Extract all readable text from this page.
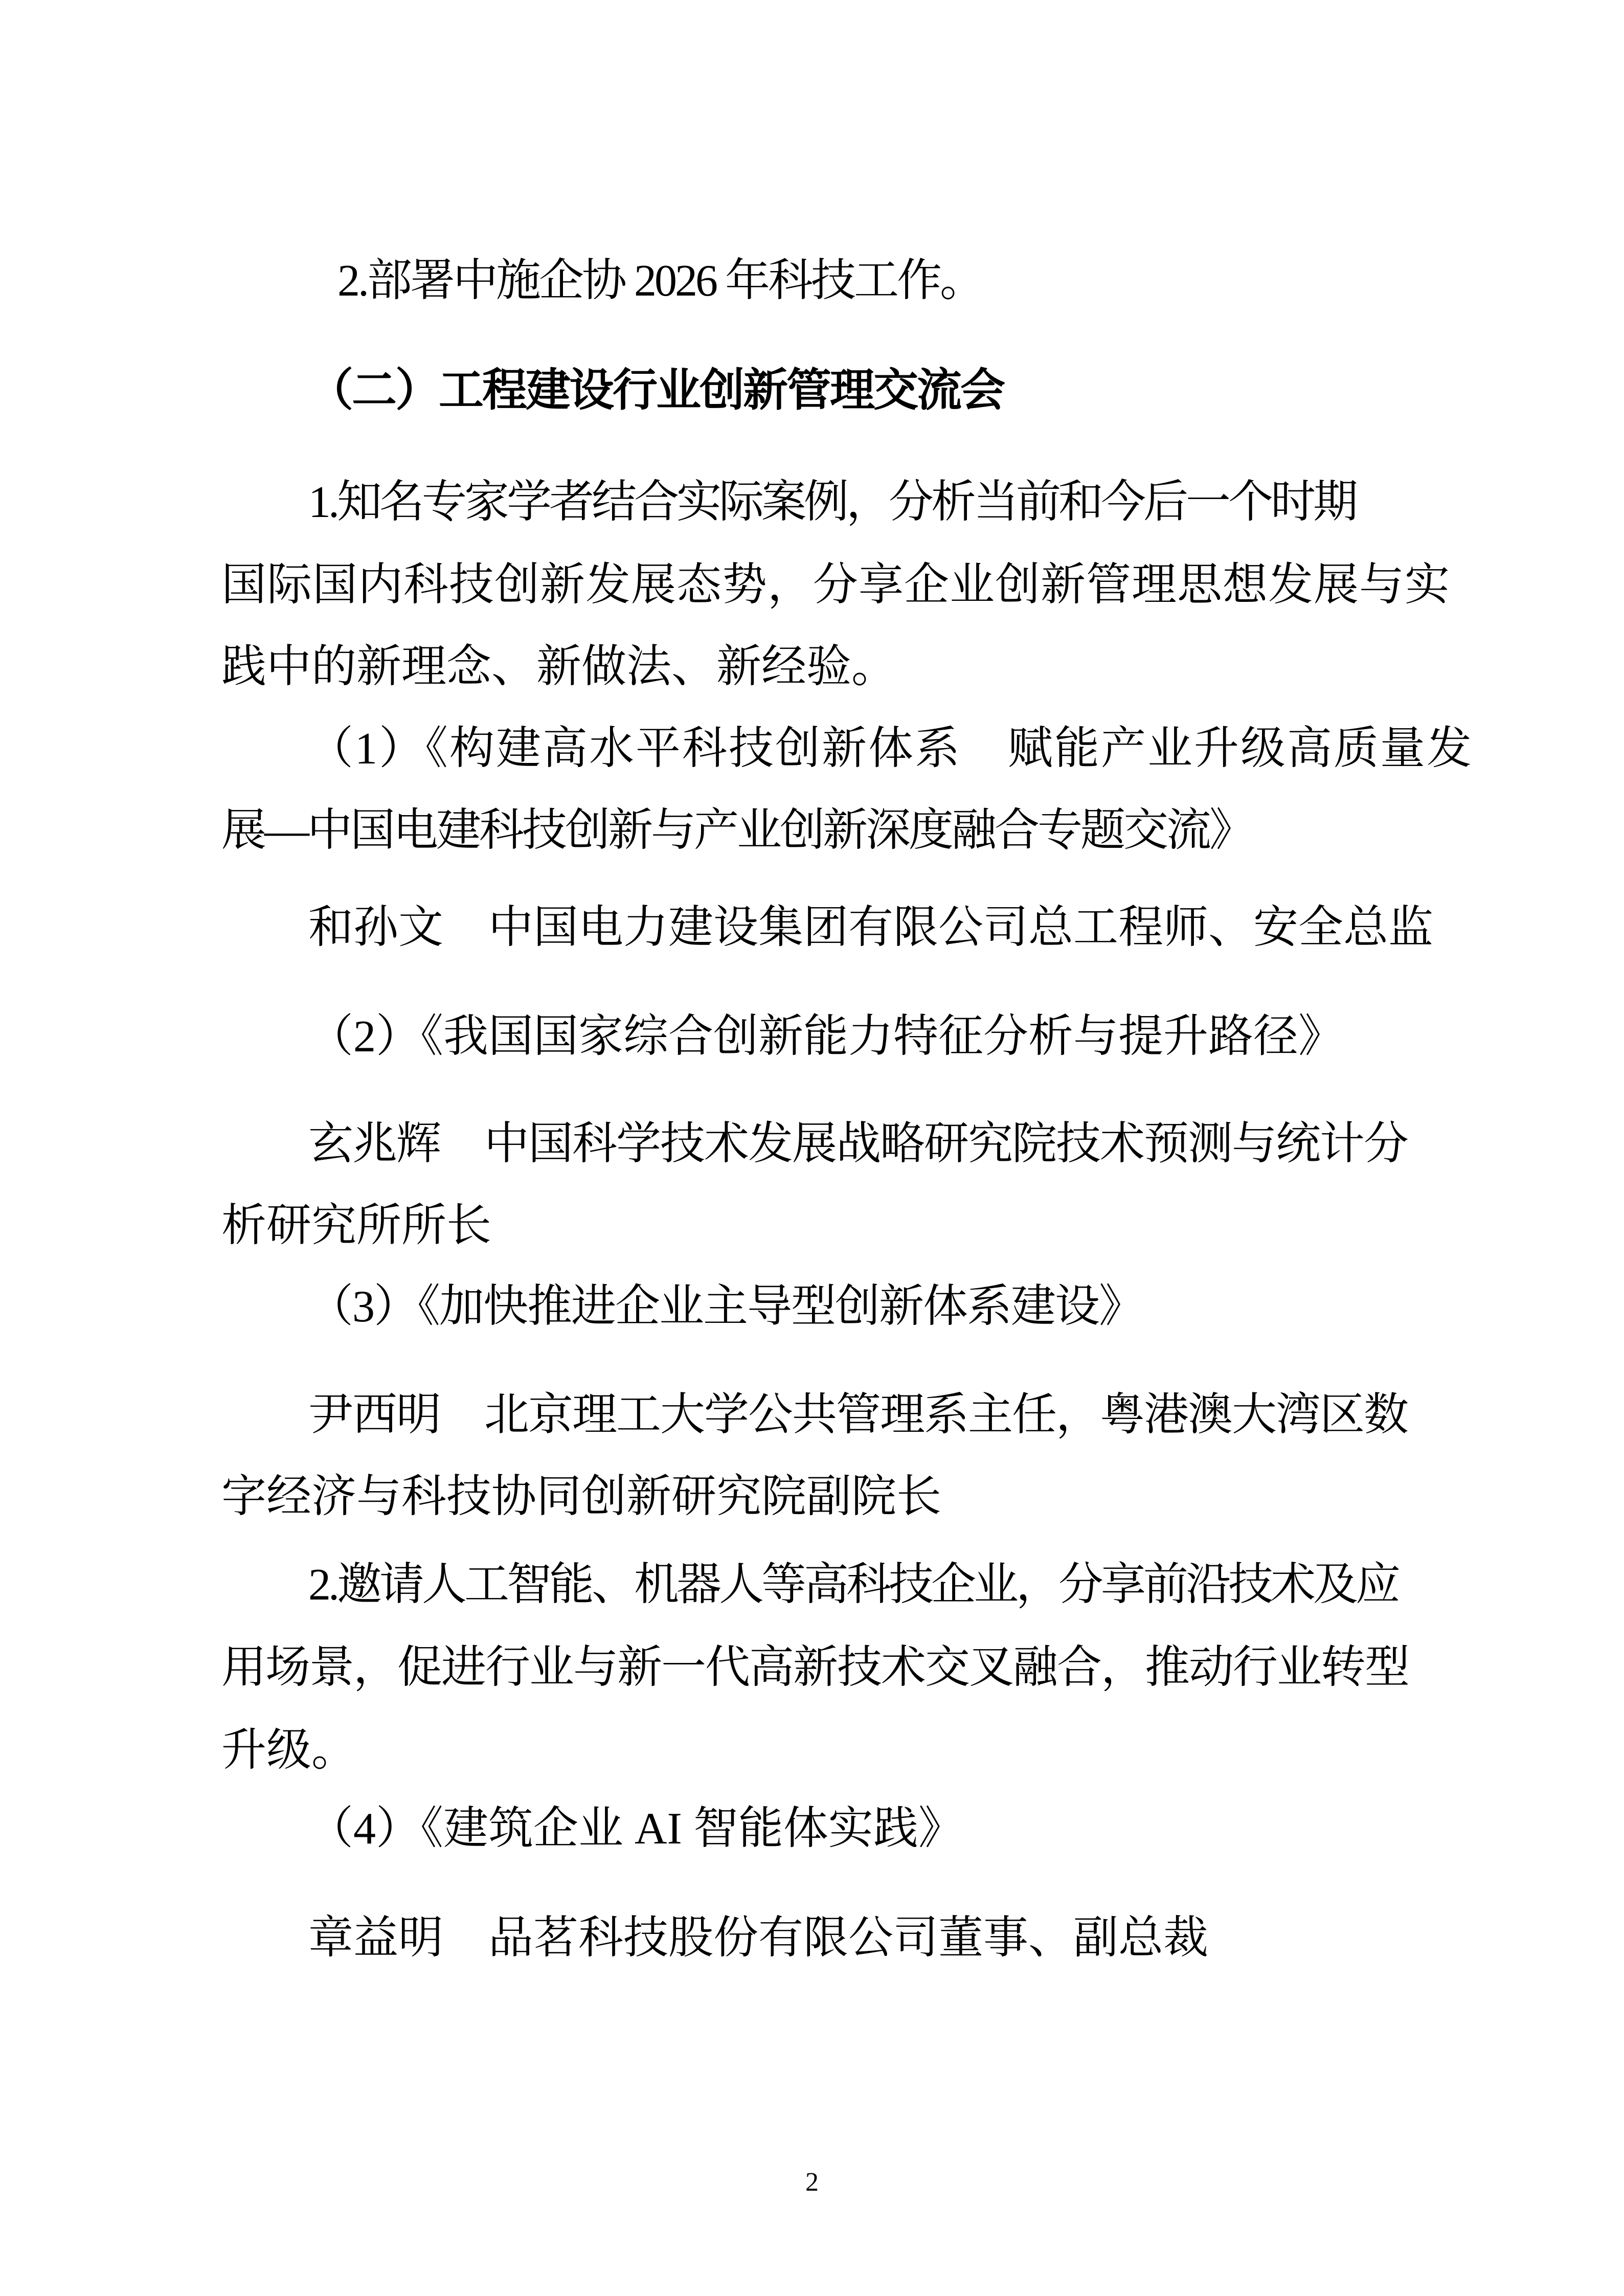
2.部署中施企协 2026 年科技工作。

（二）工程建设行业创新管理交流会

1.知名专家学者结合实际案例，分析当前和今后一个时期

国际国内科技创新发展态势，分享企业创新管理思想发展与实

践中的新理念、新做法、新经验。

（1）《构建高水平科技创新体系　赋能产业升级高质量发

展—中国电建科技创新与产业创新深度融合专题交流》

和孙文　中国电力建设集团有限公司总工程师、安全总监

（2）《我国国家综合创新能力特征分析与提升路径》

玄兆辉　中国科学技术发展战略研究院技术预测与统计分

析研究所所长

（3）《加快推进企业主导型创新体系建设》

尹西明　北京理工大学公共管理系主任，粤港澳大湾区数

字经济与科技协同创新研究院副院长

2.邀请人工智能、机器人等高科技企业，分享前沿技术及应

用场景，促进行业与新一代高新技术交叉融合，推动行业转型

升级。

（4）《建筑企业 AI 智能体实践》

章益明　品茗科技股份有限公司董事、副总裁

2
